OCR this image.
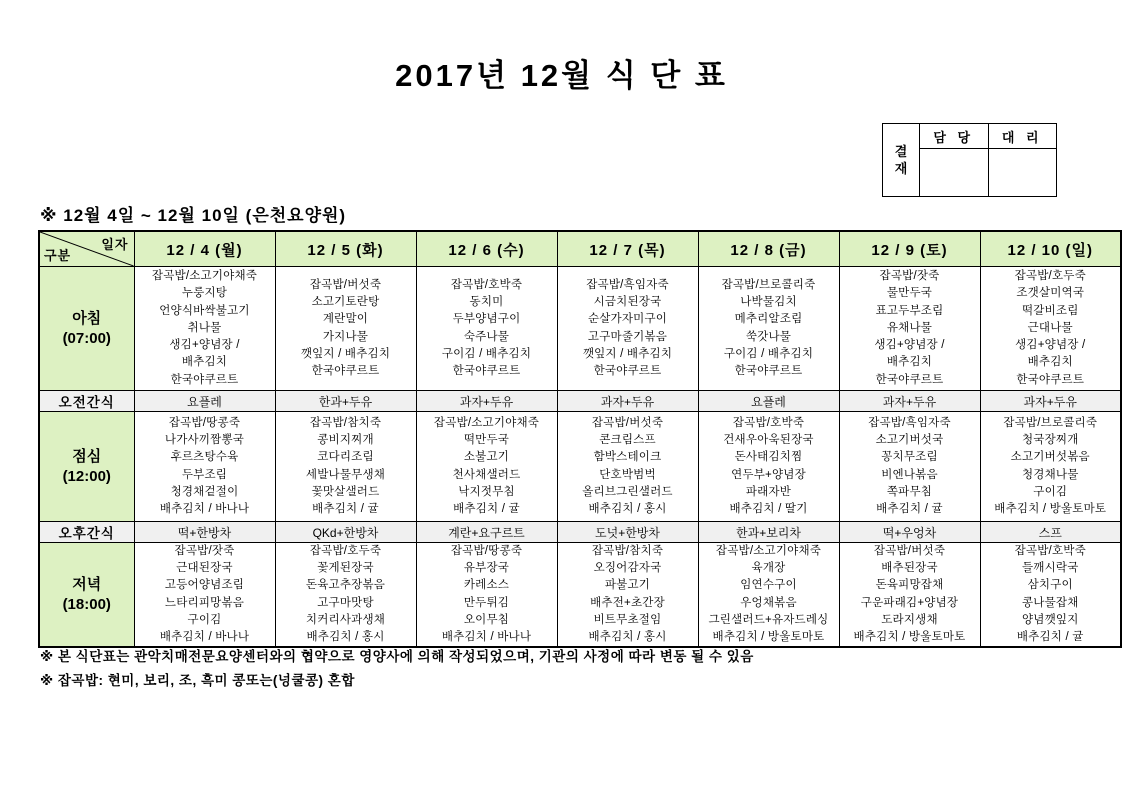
2017년 12월 식 단 표
결
재
담 당	대 리
※ 12월 4일 ~ 12월 10일 (은천요양원)
일자
구분	12 / 4 (월)	12 / 5 (화)	12 / 6 (수)	12 / 7 (목)	12 / 8 (금)	12 / 9 (토)	12 / 10 (일)

아침
(07:00)

잡곡밥/소고기야채죽
누룽지탕
언양식바싹불고기
취나물
생김+양념장 /
배추김치
한국야쿠르트

잡곡밥/버섯죽
소고기토란탕
계란말이
가지나물
깻잎지 / 배추김치
한국야쿠르트

잡곡밥/호박죽
동치미
두부양념구이
숙주나물
구이김 / 배추김치
한국야쿠르트

잡곡밥/흑임자죽
시금치된장국
순살가자미구이
고구마줄기볶음
깻잎지 / 배추김치
한국야쿠르트

잡곡밥/브로콜리죽
나박물김치
메추리알조림
쑥갓나물
구이김 / 배추김치
한국야쿠르트

잡곡밥/잣죽
물만두국
표고두부조림
유채나물
생김+양념장 /
배추김치
한국야쿠르트

잡곡밥/호두죽
조갯살미역국
떡갈비조림
근대나물
생김+양념장 /
배추김치
한국야쿠르트

오전간식	요플레	한과+두유	과자+두유	과자+두유	요플레	과자+두유	과자+두유

점심
(12:00)

잡곡밥/땅콩죽
나가사끼짬뽕국
후르츠탕수육
두부조림
청경채겉절이
배추김치 / 바나나

잡곡밥/참치죽
콩비지찌개
코다리조림
세발나물무생채
꽃맛살샐러드
배추김치 / 귤

잡곡밥/소고기야채죽
떡만두국
소불고기
천사채샐러드
낙지젓무침
배추김치 / 귤

잡곡밥/버섯죽
콘크림스프
함박스테이크
단호박범벅
올리브그린샐러드
배추김치 / 홍시

잡곡밥/호박죽
건새우아욱된장국
돈사태김치찜
연두부+양념장
파래자반
배추김치 / 딸기

잡곡밥/흑임자죽
소고기버섯국
꽁치무조림
비엔나볶음
쪽파무침
배추김치 / 귤

잡곡밥/브로콜리죽
청국장찌개
소고기버섯볶음
청경채나물
구이김
배추김치 / 방울토마토

오후간식	떡+한방차	QKd+한방차	계란+요구르트	도넛+한방차	한과+보리차	떡+우엉차	스프

저녁
(18:00)

잡곡밥/잣죽
근대된장국
고등어양념조림
느타리피망볶음
구이김
배추김치 / 바나나

잡곡밥/호두죽
꽃게된장국
돈육고추장볶음
고구마맛탕
치커리사과생채
배추김치 / 홍시

잡곡밥/땅콩죽
유부장국
카레소스
만두튀김
오이무침
배추김치 / 바나나

잡곡밥/참치죽
오징어감자국
파불고기
배추전+초간장
비트무초절임
배추김치 / 홍시

잡곡밥/소고기야채죽
육개장
임연수구이
우엉채볶음
그린샐러드+유자드레싱
배추김치 / 방울토마토

잡곡밥/버섯죽
배추된장국
돈육피망잡채
구운파래김+양념장
도라지생채
배추김치 / 방울토마토

잡곡밥/호박죽
들깨시락국
삼치구이
콩나물잡채
양념깻잎지
배추김치 / 귤
※ 본 식단표는 관악치매전문요양센터와의 협약으로 영양사에 의해 작성되었으며, 기관의 사정에 따라 변동 될 수 있음
※ 잡곡밥: 현미, 보리, 조, 흑미 콩또는(넝쿨콩) 혼합
